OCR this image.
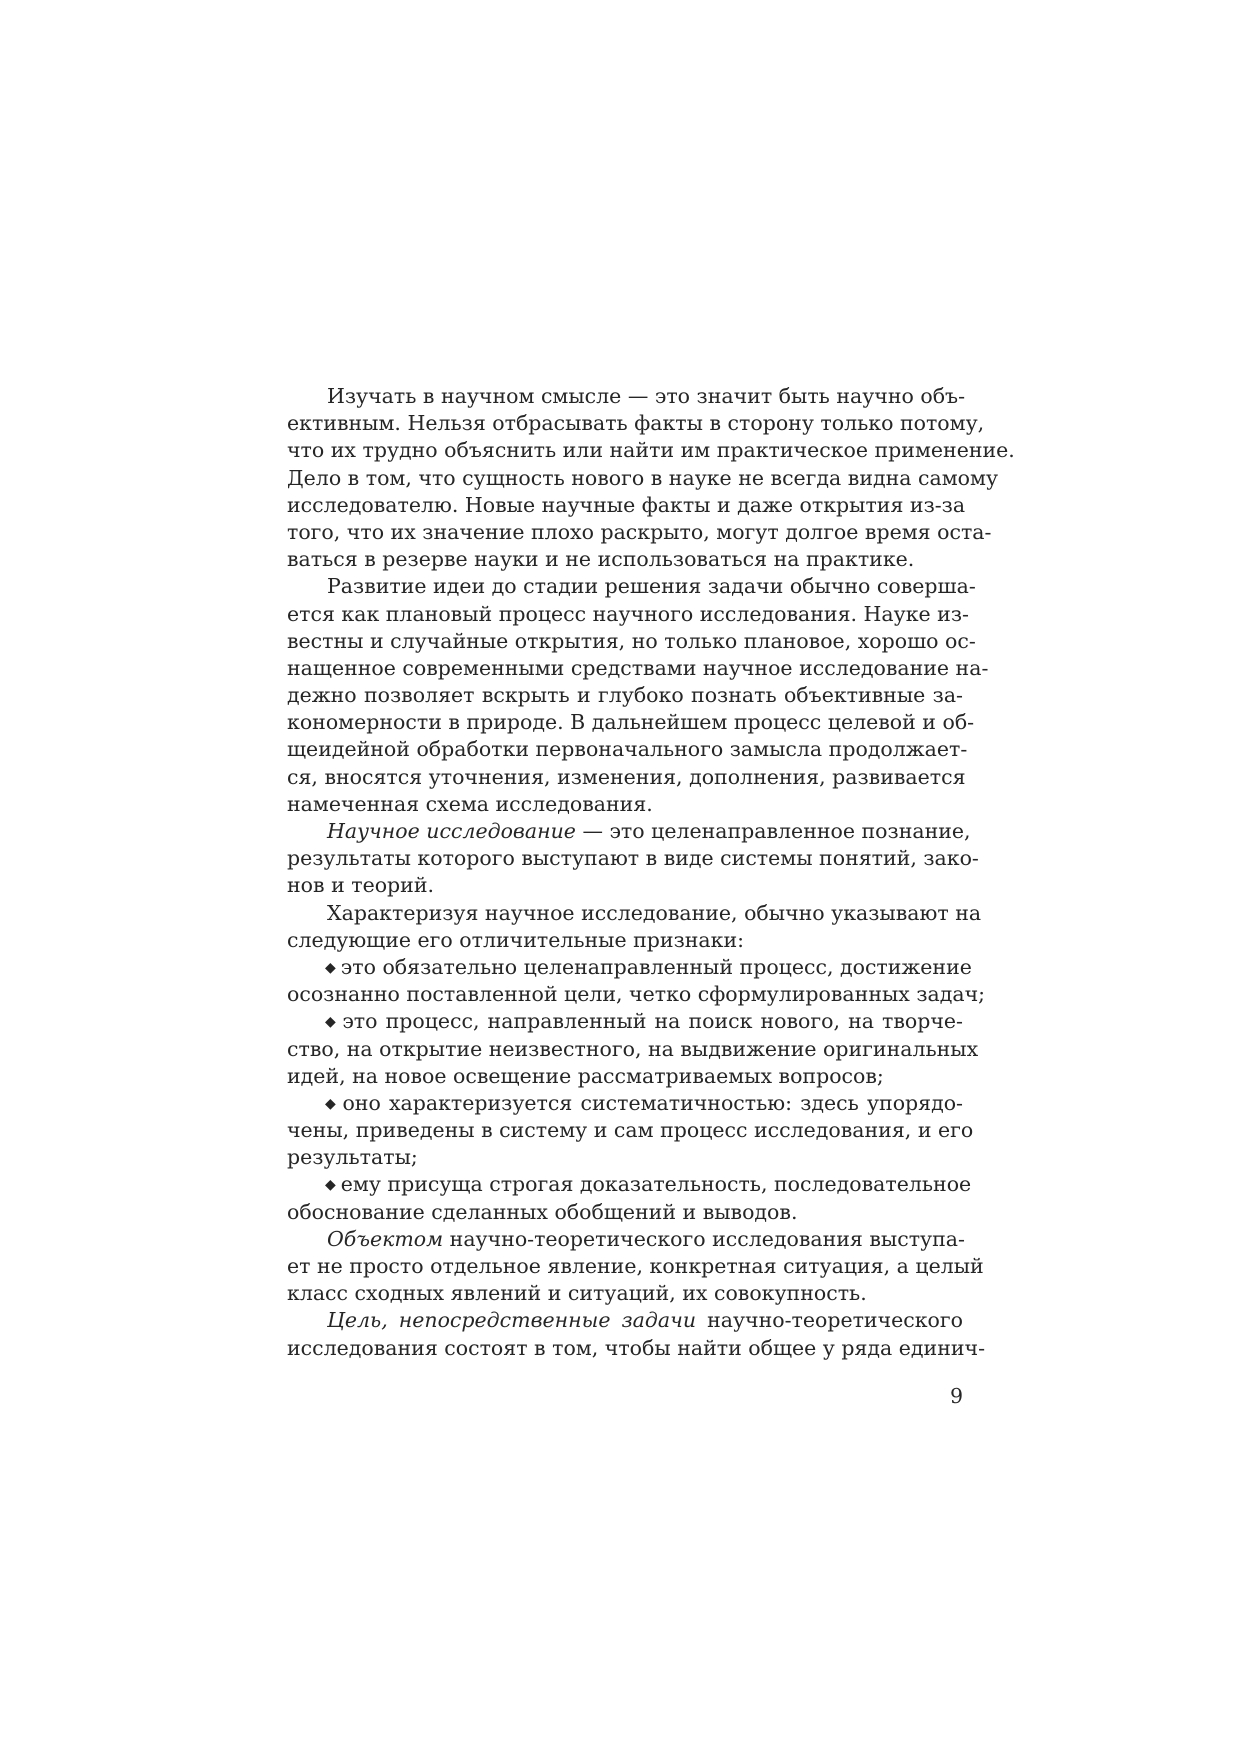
Изучать в научном смысле — это значит быть научно объ-
ективным. Нельзя отбрасывать факты в сторону только потому,
что их трудно объяснить или найти им практическое применение.
Дело в том, что сущность нового в науке не всегда видна самому
исследователю. Новые научные факты и даже открытия из-за
того, что их значение плохо раскрыто, могут долгое время оста-
ваться в резерве науки и не использоваться на практике.
Развитие идеи до стадии решения задачи обычно соверша-
ется как плановый процесс научного исследования. Науке из-
вестны и случайные открытия, но только плановое, хорошо ос-
нащенное современными средствами научное исследование на-
дежно позволяет вскрыть и глубоко познать объективные за-
кономерности в природе. В дальнейшем процесс целевой и об-
щеидейной обработки первоначального замысла продолжает-
ся, вносятся уточнения, изменения, дополнения, развивается
намеченная схема исследования.
Научное исследование — это целенаправленное познание,
результаты которого выступают в виде системы понятий, зако-
нов и теорий.
Характеризуя научное исследование, обычно указывают на
следующие его отличительные признаки:
◆ это обязательно целенаправленный процесс, достижение
осознанно поставленной цели, четко сформулированных задач;
◆ это процесс, направленный на поиск нового, на творче-
ство, на открытие неизвестного, на выдвижение оригинальных
идей, на новое освещение рассматриваемых вопросов;
◆ оно характеризуется систематичностью: здесь упорядо-
чены, приведены в систему и сам процесс исследования, и его
результаты;
◆ ему присуща строгая доказательность, последовательное
обоснование сделанных обобщений и выводов.
Объектом научно-теоретического исследования выступа-
ет не просто отдельное явление, конкретная ситуация, а целый
класс сходных явлений и ситуаций, их совокупность.
Цель, непосредственные задачи научно-теоретического
исследования состоят в том, чтобы найти общее у ряда единич-
9
